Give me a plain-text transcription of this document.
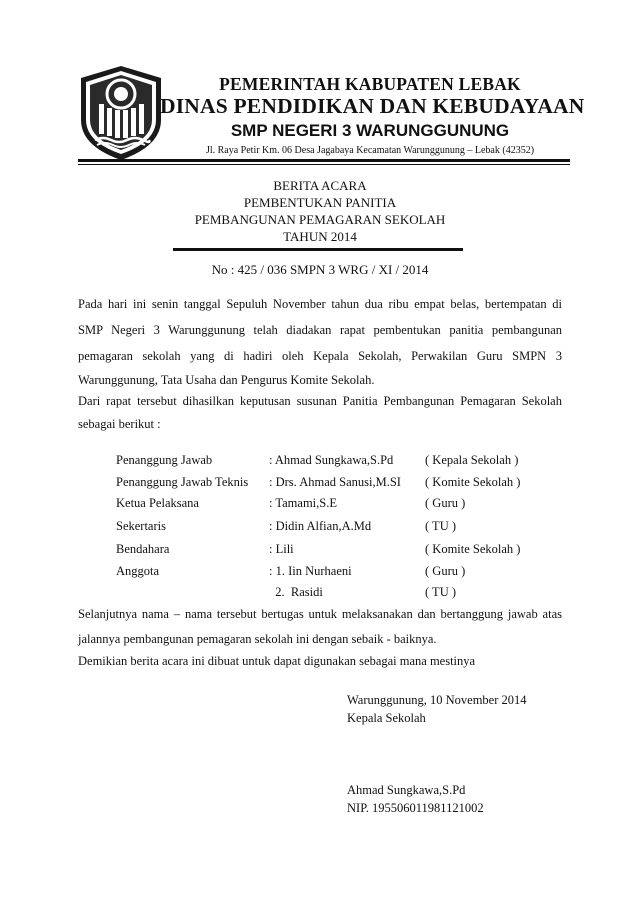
PEMERINTAH KABUPATEN LEBAK
DINAS PENDIDIKAN DAN KEBUDAYAAN
SMP NEGERI 3 WARUNGGUNUNG
Jl. Raya Petir Km. 06 Desa Jagabaya Kecamatan Warunggunung – Lebak (42352)
BERITA ACARA
PEMBENTUKAN PANITIA
PEMBANGUNAN PEMAGARAN SEKOLAH
TAHUN 2014
No : 425 / 036 SMPN 3 WRG / XI / 2014
Pada hari ini senin tanggal Sepuluh November tahun dua ribu empat belas, bertempatan di
SMP Negeri 3 Warunggunung telah diadakan rapat pembentukan panitia pembangunan
pemagaran sekolah yang di hadiri oleh Kepala Sekolah, Perwakilan Guru SMPN 3
Warunggunung, Tata Usaha dan Pengurus Komite Sekolah.
Dari rapat tersebut dihasilkan keputusan susunan Panitia Pembangunan Pemagaran Sekolah
sebagai berikut :
Penanggung Jawab	: Ahmad Sungkawa,S.Pd	( Kepala Sekolah )
Penanggung Jawab Teknis : Drs. Ahmad Sanusi,M.SI ( Komite Sekolah )
Ketua Pelaksana	: Tamami,S.E	( Guru )
Sekertaris	: Didin Alfian,A.Md	( TU )
Bendahara	: Lili	( Komite Sekolah )
Anggota	: 1. Iin Nurhaeni	( Guru )
2.  Rasidi	( TU )
Selanjutnya nama – nama tersebut bertugas untuk melaksanakan dan bertanggung jawab atas
jalannya pembangunan pemagaran sekolah ini dengan sebaik - baiknya.
Demikian berita acara ini dibuat untuk dapat digunakan sebagai mana mestinya
Warunggunung, 10 November 2014
Kepala Sekolah
Ahmad Sungkawa,S.Pd
NIP. 195506011981121002
